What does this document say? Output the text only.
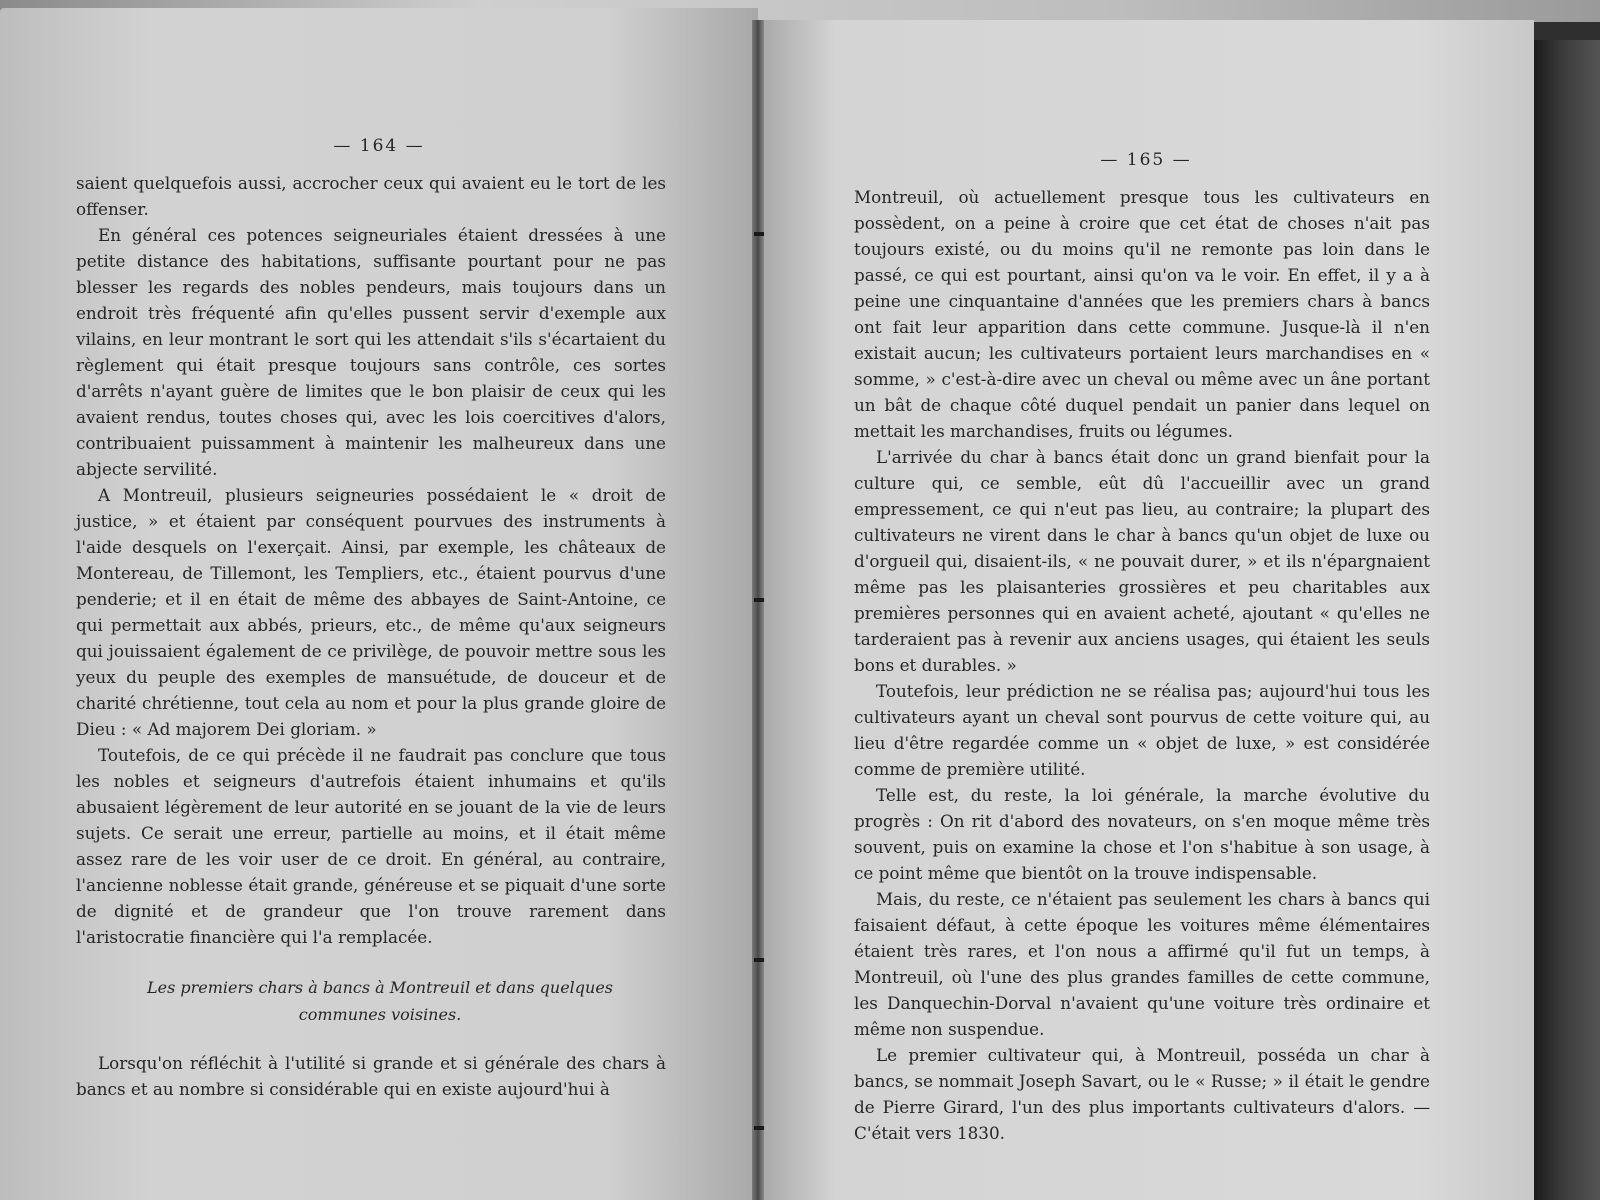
— 164 —

saient quelquefois aussi, accrocher ceux qui avaient eu le tort de les offenser.

En général ces potences seigneuriales étaient dressées à une petite distance des habitations, suffisante pourtant pour ne pas blesser les regards des nobles pendeurs, mais toujours dans un endroit très fréquenté afin qu'elles pussent servir d'exemple aux vilains, en leur montrant le sort qui les attendait s'ils s'écartaient du règlement qui était presque toujours sans contrôle, ces sortes d'arrêts n'ayant guère de limites que le bon plaisir de ceux qui les avaient rendus, toutes choses qui, avec les lois coercitives d'alors, contribuaient puissamment à maintenir les malheureux dans une abjecte servilité.

A Montreuil, plusieurs seigneuries possédaient le « droit de justice, » et étaient par conséquent pourvues des instruments à l'aide desquels on l'exerçait. Ainsi, par exemple, les châteaux de Montereau, de Tillemont, les Templiers, etc., étaient pourvus d'une penderie; et il en était de même des abbayes de Saint-Antoine, ce qui permettait aux abbés, prieurs, etc., de même qu'aux seigneurs qui jouissaient également de ce privilège, de pouvoir mettre sous les yeux du peuple des exemples de mansuétude, de douceur et de charité chrétienne, tout cela au nom et pour la plus grande gloire de Dieu : « Ad majorem Dei gloriam. »

Toutefois, de ce qui précède il ne faudrait pas conclure que tous les nobles et seigneurs d'autrefois étaient inhumains et qu'ils abusaient légèrement de leur autorité en se jouant de la vie de leurs sujets. Ce serait une erreur, partielle au moins, et il était même assez rare de les voir user de ce droit. En général, au contraire, l'ancienne noblesse était grande, généreuse et se piquait d'une sorte de dignité et de grandeur que l'on trouve rarement dans l'aristocratie financière qui l'a remplacée.

Les premiers chars à bancs à Montreuil et dans quelques
communes voisines.

Lorsqu'on réfléchit à l'utilité si grande et si générale des chars à bancs et au nombre si considérable qui en existe aujourd'hui à

— 165 —

Montreuil, où actuellement presque tous les cultivateurs en possèdent, on a peine à croire que cet état de choses n'ait pas toujours existé, ou du moins qu'il ne remonte pas loin dans le passé, ce qui est pourtant, ainsi qu'on va le voir. En effet, il y a à peine une cinquantaine d'années que les premiers chars à bancs ont fait leur apparition dans cette commune. Jusque-là il n'en existait aucun; les cultivateurs portaient leurs marchandises en « somme, » c'est-à-dire avec un cheval ou même avec un âne portant un bât de chaque côté duquel pendait un panier dans lequel on mettait les marchandises, fruits ou légumes.

L'arrivée du char à bancs était donc un grand bienfait pour la culture qui, ce semble, eût dû l'accueillir avec un grand empressement, ce qui n'eut pas lieu, au contraire; la plupart des cultivateurs ne virent dans le char à bancs qu'un objet de luxe ou d'orgueil qui, disaient-ils, « ne pouvait durer, » et ils n'épargnaient même pas les plaisanteries grossières et peu charitables aux premières personnes qui en avaient acheté, ajoutant « qu'elles ne tarderaient pas à revenir aux anciens usages, qui étaient les seuls bons et durables. »

Toutefois, leur prédiction ne se réalisa pas; aujourd'hui tous les cultivateurs ayant un cheval sont pourvus de cette voiture qui, au lieu d'être regardée comme un « objet de luxe, » est considérée comme de première utilité.

Telle est, du reste, la loi générale, la marche évolutive du progrès : On rit d'abord des novateurs, on s'en moque même très souvent, puis on examine la chose et l'on s'habitue à son usage, à ce point même que bientôt on la trouve indispensable.

Mais, du reste, ce n'étaient pas seulement les chars à bancs qui faisaient défaut, à cette époque les voitures même élémentaires étaient très rares, et l'on nous a affirmé qu'il fut un temps, à Montreuil, où l'une des plus grandes familles de cette commune, les Danquechin-Dorval n'avaient qu'une voiture très ordinaire et même non suspendue.

Le premier cultivateur qui, à Montreuil, posséda un char à bancs, se nommait Joseph Savart, ou le « Russe; » il était le gendre de Pierre Girard, l'un des plus importants cultivateurs d'alors. — C'était vers 1830.
